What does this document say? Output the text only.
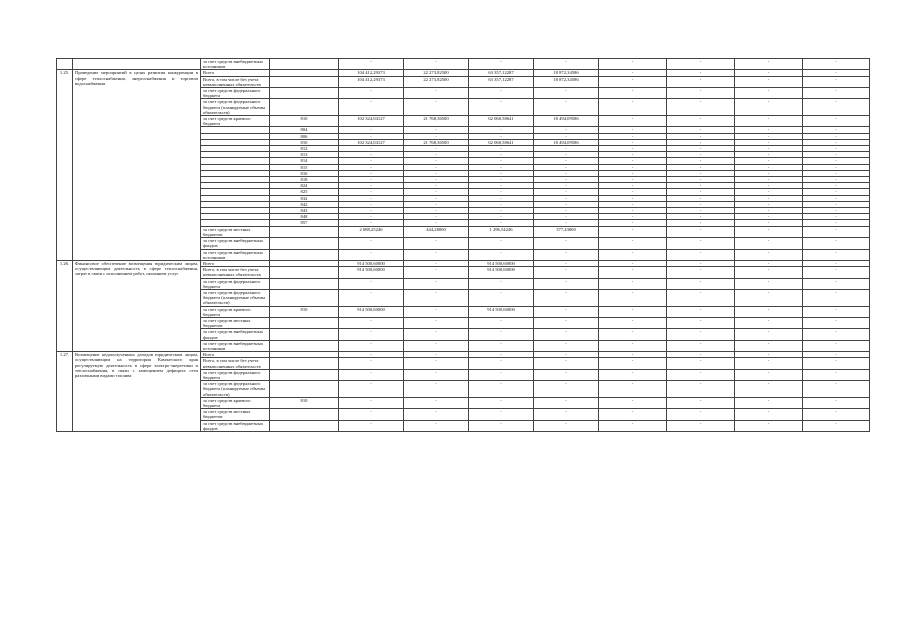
		за счет средств внебюджетных источников		-	-	-	-	-	-	-	-
1.25.	Проведение мероприятий в целях развития конкуренции в сфере теплоснабжения, энергоснабжения и торговли водоснабжения	Всего		104 412,29373	22 273,82500	63 357,12287	18 872,34586	-	-	-	-
		Всего, в том числе без учета невыполненных обязательств		104 412,29373	22 273,82500	63 357,12287	18 872,34586	-	-	-	-
		за счет средств федерального бюджета		-	-	-	-	-	-	-	-
		за счет средств федерального бюджета (планируемые объемы обязательств)		-	-	-	-	-	-	-	-
		за счет средств краевого бюджета	810	102 324,04127	21 768,36500	62 060,58641	18 494,09586	-	-	-	-
			804	-	-	-	-	-	-	-	-
			806	-	-	-	-	-	-	-	-
			810	102 324,04127	21 768,36500	62 060,58641	18 494,09586	-	-	-	-
			812	-	-	-	-	-	-	-	-
			813	-	-	-	-	-	-	-	-
			814	-	-	-	-	-	-	-	-
			815	-	-	-	-	-	-	-	-
			816	-	-	-	-	-	-	-	-
			818	-	-	-	-	-	-	-	-
			824	-	-	-	-	-	-	-	-
			825	-	-	-	-	-	-	-	-
			832	-	-	-	-	-	-	-	-
			842	-	-	-	-	-	-	-	-
			843	-	-	-	-	-	-	-	-
			848	-	-	-	-	-	-	-	-
			857	-	-	-	-	-	-	-	-
		за счет средств местных бюджетов		2 088,25246	444,28000	1 296,54246	377,43000	-	-	-	-
		за счет средств внебюджетных фондов		-	-	-	-	-	-	-	-
		за счет средств внебюджетных источников		-	-	-	-	-	-	-	-
1.26.	Финансовое обеспечение возмещения юридическим лицам, осуществляющим деятельность в сфере теплоснабжения, затрат в связи с исполнением работ, оказанием услуг	Всего		914 500,60000	-	914 500,60000	-	-	-	-	-
		Всего, в том числе без учета невыполненных обязательств		914 500,60000	-	914 500,60000	-	-	-	-	-
		за счет средств федерального бюджета		-	-	-	-	-	-	-	-
		за счет средств федерального бюджета (планируемые объемы обязательств)		-	-	-	-	-	-	-	-
		за счет средств краевого бюджета	810	914 500,60000	-	914 500,60000	-	-	-	-	-
		за счет средств местных бюджетов		-	-	-	-	-	-	-	-
		за счет средств внебюджетных фондов		-	-	-	-	-	-	-	-
		за счет средств внебюджетных источников		-	-	-	-	-	-	-	-
1.27.	Возмещение недополученных доходов юридическим лицам, осуществляющим на территории Камчатского края регулируемую деятельность в сфере электро-энергетики и теплоснабжения, в связи с замещением дефицита сети различными видами топлива	Всего		-	-	-	-	-	-	-	-
		Всего, в том числе без учета невыполненных обязательств		-	-	-	-	-	-	-	-
		за счет средств федерального бюджета		-	-	-	-	-	-	-	-
		за счет средств федерального бюджета (планируемые объемы обязательств)		-	-	-	-	-	-	-	-
		за счет средств краевого бюджета	810	-	-	-	-	-	-	-	-
		за счет средств местных бюджетов		-	-	-	-	-	-	-	-
		за счет средств внебюджетных фондов		-	-	-	-	-	-	-	-
